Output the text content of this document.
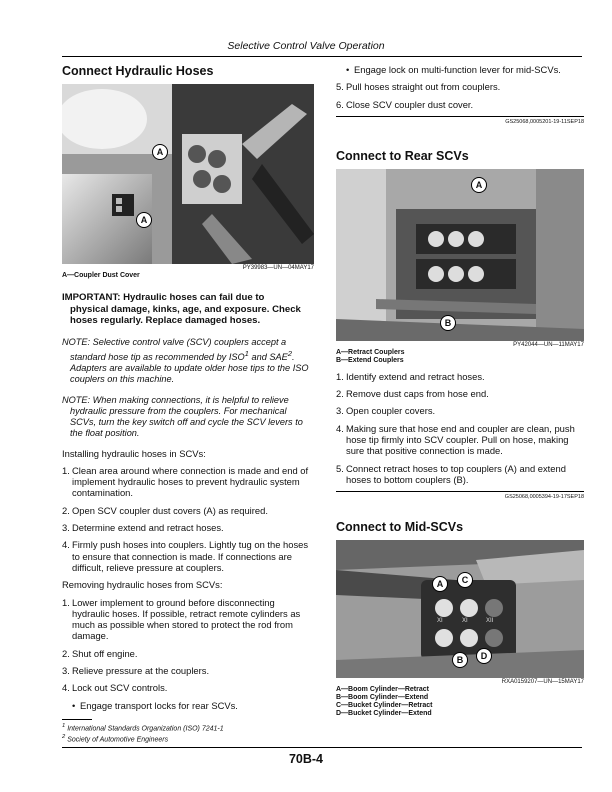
Selective Control Valve Operation
Connect Hydraulic Hoses
A
A
PY39983—UN—04MAY17
A—Coupler Dust Cover
IMPORTANT: Hydraulic hoses can fail due to
physical damage, kinks, age, and exposure. Check hoses regularly. Replace damaged hoses.
NOTE: Selective control valve (SCV) couplers accept a
standard hose tip as recommended by ISO$^1$ and SAE$^2$. Adapters are available to update older hose tips to the ISO couplers on this machine.
NOTE: When making connections, it is helpful to relieve
hydraulic pressure from the couplers. For mechanical SCVs, turn the key switch off and cycle the SCV levers to the float position.

Installing hydraulic hoses in SCVs:

1. Clean area around where connection is made and end of implement hydraulic hoses to prevent hydraulic system contamination.
2. Open SCV coupler dust covers (A) as required.
3. Determine extend and retract hoses.
4. Firmly push hoses into couplers. Lightly tug on the hoses to ensure that connection is made. If connections are difficult, relieve pressure at couplers.

Removing hydraulic hoses from SCVs:

1. Lower implement to ground before disconnecting hydraulic hoses. If possible, retract remote cylinders as much as possible when stored to protect the rod from damage.
2. Shut off engine.
3. Relieve pressure at the couplers.
4. Lock out SCV controls.
• Engage transport locks for rear SCVs.
$^1$ International Standards Organization (ISO) 7241-1
$^2$ Society of Automotive Engineers
• Engage lock on multi-function lever for mid-SCVs.
5. Pull hoses straight out from couplers.
6. Close SCV coupler dust cover.
GS25068,0005201-19-11SEP18
Connect to Rear SCVs
A
B
PY42044—UN—11MAY17
A—Retract Couplers
B—Extend Couplers
1. Identify extend and retract hoses.
2. Remove dust caps from hose end.
3. Open coupler covers.
4. Making sure that hose end and coupler are clean, push hose tip firmly into SCV coupler. Pull on hose, making sure that positive connection is made.
5. Connect retract hoses to top couplers (A) and extend hoses to bottom couplers (B).
GS25068,0005394-19-17SEP18
Connect to Mid-SCVs
XI	XI	XII
A	C
B	D
RXA0159207—UN—15MAY17
A—Boom Cylinder—Retract
B—Boom Cylinder—Extend
C—Bucket Cylinder—Retract
D—Bucket Cylinder—Extend
70B-4
